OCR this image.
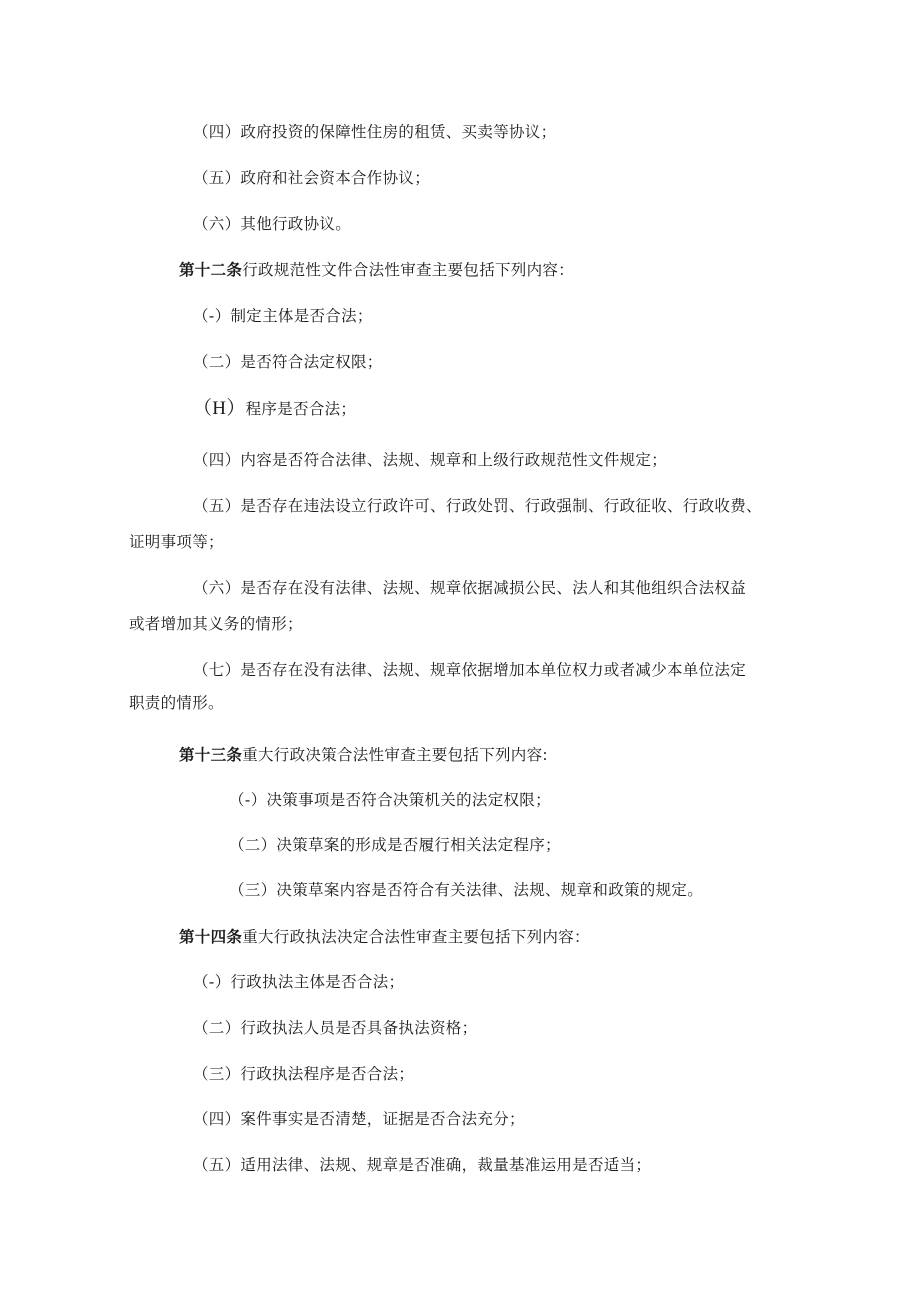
（四）政府投资的保障性住房的租赁、买卖等协议；
（五）政府和社会资本合作协议；
（六）其他行政协议。
第十二条行政规范性文件合法性审查主要包括下列内容：
（-）制定主体是否合法；
（二）是否符合法定权限；
（H）程序是否合法；
（四）内容是否符合法律、法规、规章和上级行政规范性文件规定；
（五）是否存在违法设立行政许可、行政处罚、行政强制、行政征收、行政收费、
证明事项等；
（六）是否存在没有法律、法规、规章依据减损公民、法人和其他组织合法权益
或者增加其义务的情形；
（七）是否存在没有法律、法规、规章依据增加本单位权力或者减少本单位法定
职责的情形。
第十三条重大行政决策合法性审查主要包括下列内容:
（-）决策事项是否符合决策机关的法定权限；
（二）决策草案的形成是否履行相关法定程序；
（三）决策草案内容是否符合有关法律、法规、规章和政策的规定。
第十四条重大行政执法决定合法性审查主要包括下列内容：
（-）行政执法主体是否合法；
（二）行政执法人员是否具备执法资格；
（三）行政执法程序是否合法；
（四）案件事实是否清楚，证据是否合法充分；
（五）适用法律、法规、规章是否准确，裁量基准运用是否适当；
